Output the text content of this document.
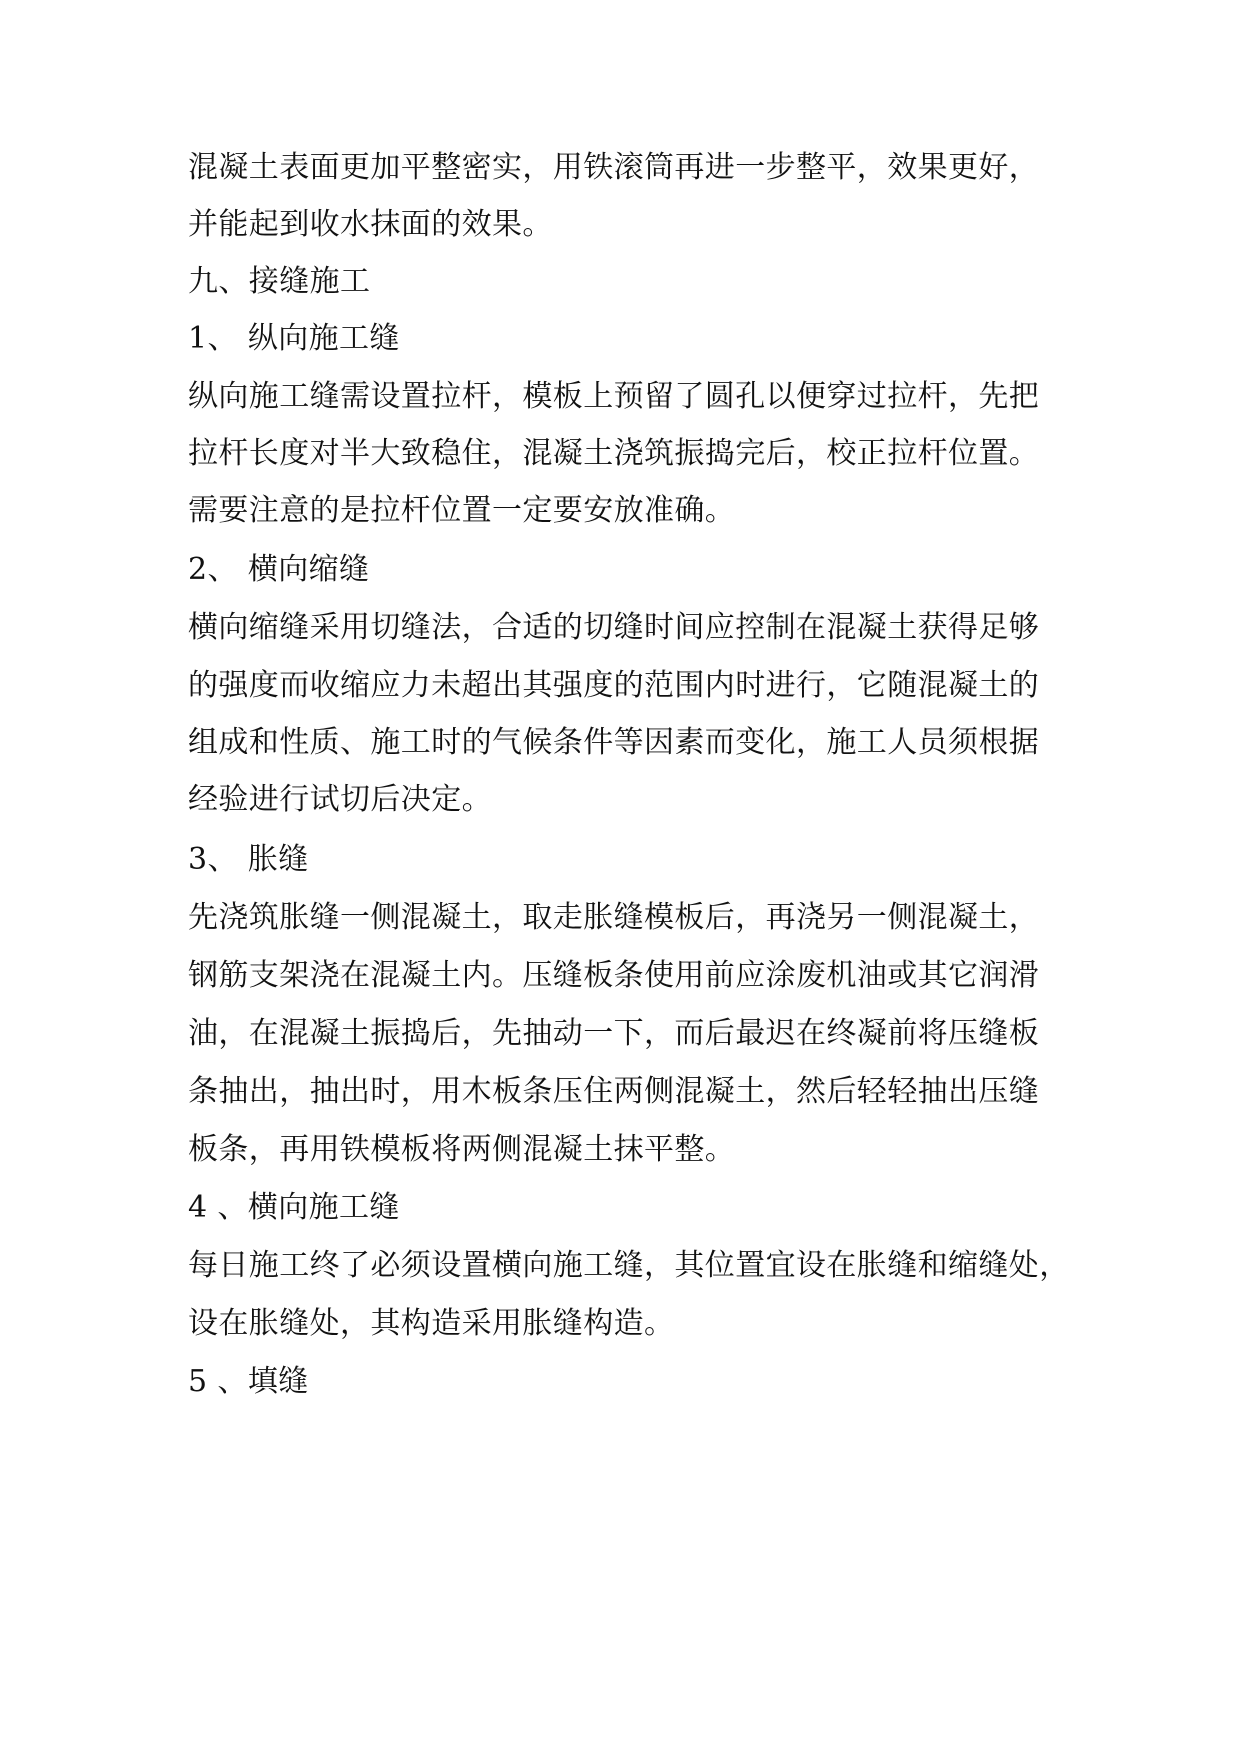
混凝土表面更加平整密实，用铁滚筒再进一步整平，效果更好，
并能起到收水抹面的效果。
九、接缝施工
1、 纵向施工缝
纵向施工缝需设置拉杆，模板上预留了圆孔以便穿过拉杆，先把
拉杆长度对半大致稳住，混凝土浇筑振捣完后，校正拉杆位置。
需要注意的是拉杆位置一定要安放准确。
2、 横向缩缝
横向缩缝采用切缝法，合适的切缝时间应控制在混凝土获得足够
的强度而收缩应力未超出其强度的范围内时进行，它随混凝土的
组成和性质、施工时的气候条件等因素而变化，施工人员须根据
经验进行试切后决定。
3、 胀缝
先浇筑胀缝一侧混凝土，取走胀缝模板后，再浇另一侧混凝土，
钢筋支架浇在混凝土内。压缝板条使用前应涂废机油或其它润滑
油，在混凝土振捣后，先抽动一下，而后最迟在终凝前将压缝板
条抽出，抽出时，用木板条压住两侧混凝土，然后轻轻抽出压缝
板条，再用铁模板将两侧混凝土抹平整。
4 、横向施工缝
每日施工终了必须设置横向施工缝，其位置宜设在胀缝和缩缝处，
设在胀缝处，其构造采用胀缝构造。
5 、填缝
